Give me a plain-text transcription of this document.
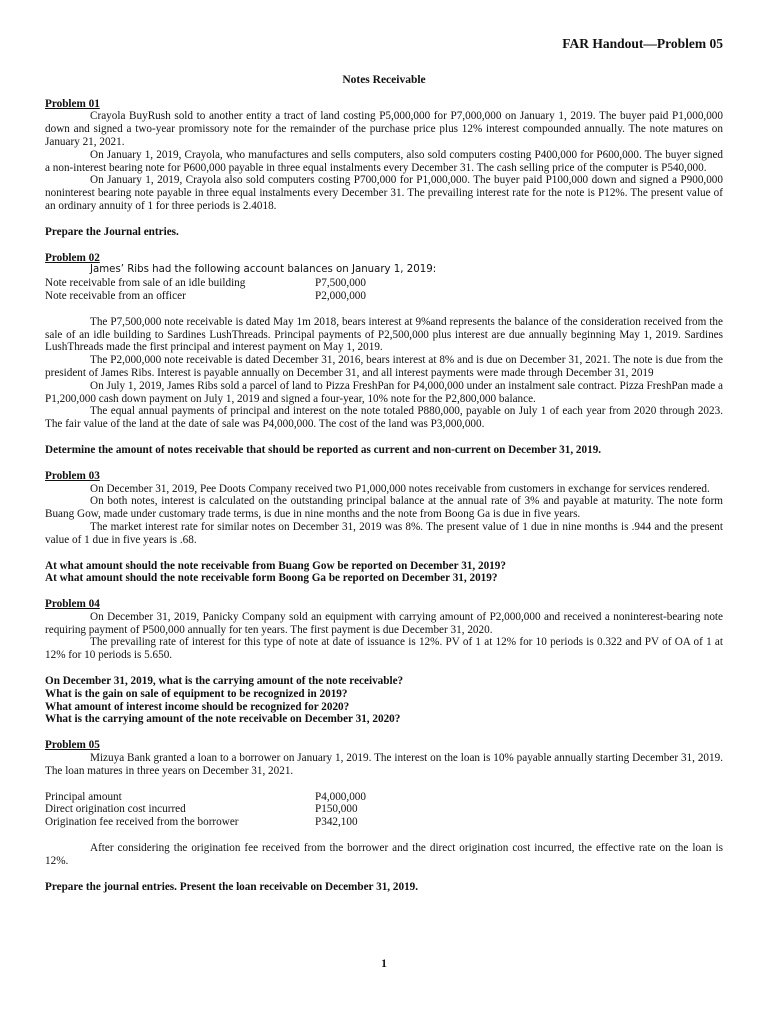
FAR Handout—Problem 05
Notes Receivable
Problem 01

Crayola BuyRush sold to another entity a tract of land costing P5,000,000 for P7,000,000 on January 1, 2019. The buyer paid P1,000,000 down and signed a two-year promissory note for the remainder of the purchase price plus 12% interest compounded annually. The note matures on January 21, 2021.

On January 1, 2019, Crayola, who manufactures and sells computers, also sold computers costing P400,000 for P600,000. The buyer signed a non-interest bearing note for P600,000 payable in three equal instalments every December 31. The cash selling price of the computer is P540,000.

On January 1, 2019, Crayola also sold computers costing P700,000 for P1,000,000. The buyer paid P100,000 down and signed a P900,000 noninterest bearing note payable in three equal instalments every December 31. The prevailing interest rate for the note is P12%. The present value of an ordinary annuity of 1 for three periods is 2.4018.

Prepare the Journal entries.

Problem 02

James’ Ribs had the following account balances on January 1, 2019:

Note receivable from sale of an idle building	P7,500,000
Note receivable from an officer	P2,000,000

The P7,500,000 note receivable is dated May 1m 2018, bears interest at 9%and represents the balance of the consideration received from the sale of an idle building to Sardines LushThreads. Principal payments of P2,500,000 plus interest are due annually beginning May 1, 2019. Sardines LushThreads made the first principal and interest payment on May 1, 2019.

The P2,000,000 note receivable is dated December 31, 2016, bears interest at 8% and is due on December 31, 2021. The note is due from the president of James Ribs. Interest is payable annually on December 31, and all interest payments were made through December 31, 2019

On July 1, 2019, James Ribs sold a parcel of land to Pizza FreshPan for P4,000,000 under an instalment sale contract. Pizza FreshPan made a P1,200,000 cash down payment on July 1, 2019 and signed a four-year, 10% note for the P2,800,000 balance.

The equal annual payments of principal and interest on the note totaled P880,000, payable on July 1 of each year from 2020 through 2023. The fair value of the land at the date of sale was P4,000,000. The cost of the land was P3,000,000.

Determine the amount of notes receivable that should be reported as current and non-current on December 31, 2019.

Problem 03

On December 31, 2019, Pee Doots Company received two P1,000,000 notes receivable from customers in exchange for services rendered.

On both notes, interest is calculated on the outstanding principal balance at the annual rate of 3% and payable at maturity. The note form Buang Gow, made under customary trade terms, is due in nine months and the note from Boong Ga is due in five years.

The market interest rate for similar notes on December 31, 2019 was 8%. The present value of 1 due in nine months is .944 and the present value of 1 due in five years is .68.

At what amount should the note receivable from Buang Gow be reported on December 31, 2019?

At what amount should the note receivable form Boong Ga be reported on December 31, 2019?

Problem 04

On December 31, 2019, Panicky Company sold an equipment with carrying amount of P2,000,000 and received a noninterest-bearing note requiring payment of P500,000 annually for ten years. The first payment is due December 31, 2020.

The prevailing rate of interest for this type of note at date of issuance is 12%. PV of 1 at 12% for 10 periods is 0.322 and PV of OA of 1 at 12% for 10 periods is 5.650.

On December 31, 2019, what is the carrying amount of the note receivable?

What is the gain on sale of equipment to be recognized in 2019?

What amount of interest income should be recognized for 2020?

What is the carrying amount of the note receivable on December 31, 2020?

Problem 05

Mizuya Bank granted a loan to a borrower on January 1, 2019. The interest on the loan is 10% payable annually starting December 31, 2019. The loan matures in three years on December 31, 2021.

Principal amount	P4,000,000
Direct origination cost incurred	P150,000
Origination fee received from the borrower	P342,100

After considering the origination fee received from the borrower and the direct origination cost incurred, the effective rate on the loan is 12%.

Prepare the journal entries. Present the loan receivable on December 31, 2019.

1
